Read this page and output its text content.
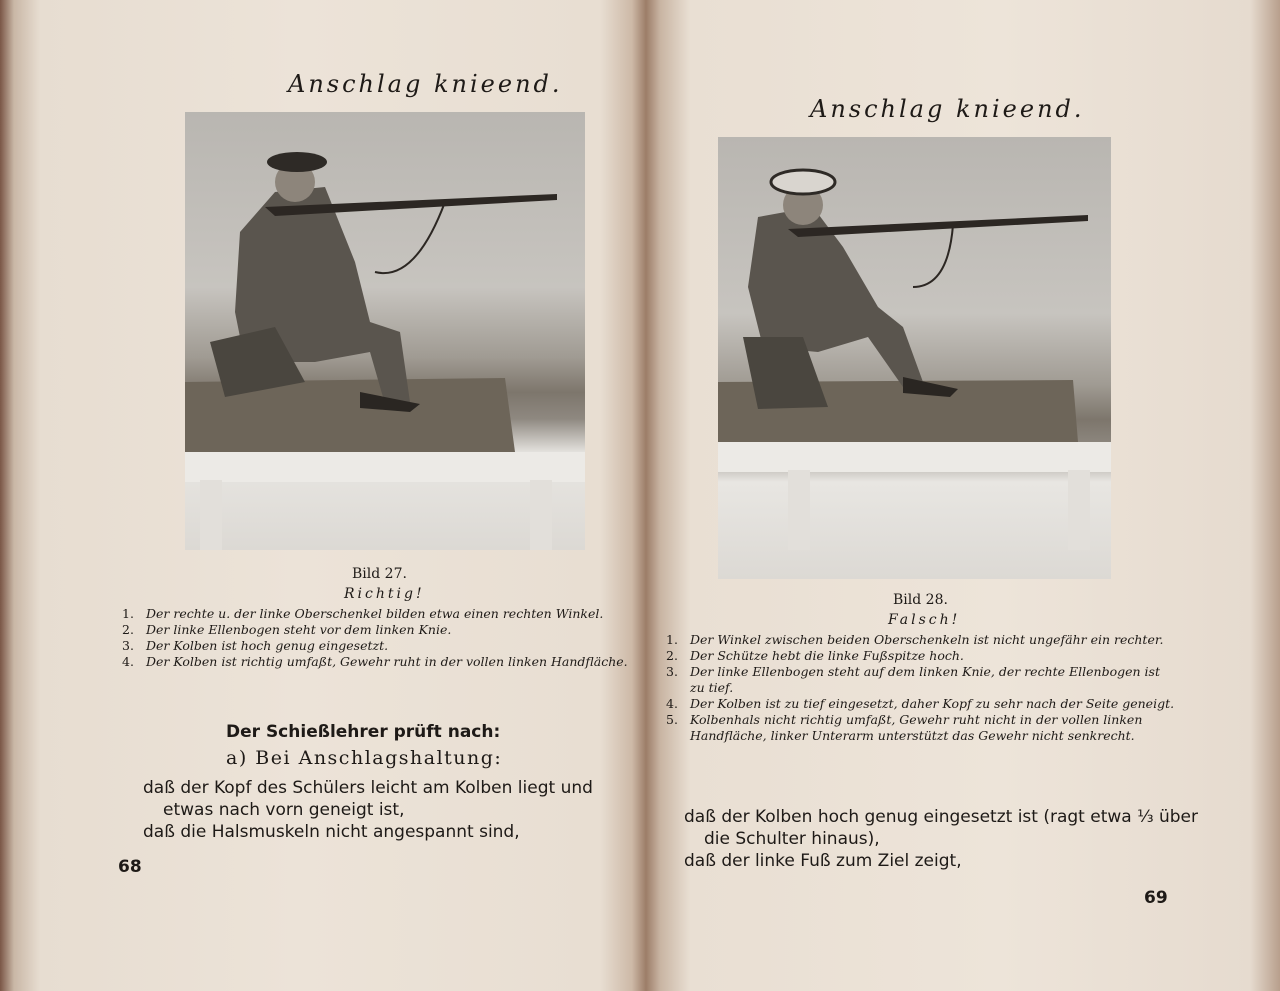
Anschlag knieend.
Bild 27.
Richtig!
1. Der rechte u. der linke Oberschenkel bilden etwa einen rechten Winkel.
2. Der linke Ellenbogen steht vor dem linken Knie.
3. Der Kolben ist hoch genug eingesetzt.
4. Der Kolben ist richtig umfaßt, Gewehr ruht in der vollen linken Handfläche.
Der Schießlehrer prüft nach:
a) Bei Anschlagshaltung:
daß der Kopf des Schülers leicht am Kolben liegt und
etwas nach vorn geneigt ist,
daß die Halsmuskeln nicht angespannt sind,
68
Anschlag knieend.
Bild 28.
Falsch!
1. Der Winkel zwischen beiden Oberschenkeln ist nicht ungefähr ein rechter.
2. Der Schütze hebt die linke Fußspitze hoch.
3. Der linke Ellenbogen steht auf dem linken Knie, der rechte Ellenbogen ist zu tief.
4. Der Kolben ist zu tief eingesetzt, daher Kopf zu sehr nach der Seite geneigt.
5. Kolbenhals nicht richtig umfaßt, Gewehr ruht nicht in der vollen linken Handfläche, linker Unterarm unterstützt das Gewehr nicht senkrecht.
daß der Kolben hoch genug eingesetzt ist (ragt etwa ⅓ über
die Schulter hinaus),
daß der linke Fuß zum Ziel zeigt,
69
